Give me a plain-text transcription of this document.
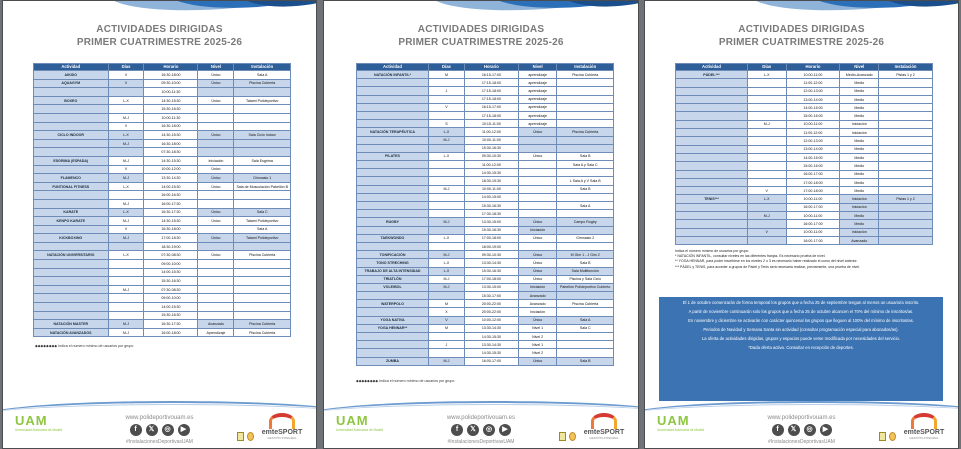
ACTIVIDADES DIRIGIDAS
PRIMER CUATRIMESTRE 2025-26
Actividad	Días	Horario	Nivel	Instalación
AIKIDO	V	16:30-18:00	Único	Sala A
AQUAGYM	V	09:30-10:00	Único	Piscina Cubierta
		10:00-11:30		
BOXEO	L-X	14:30-15:30	Único	Tatami Polideportivo
		15:30-16:30		
	M-J	10:00-11:30		
	V	16:30-18:00		
CICLO INDOOR	L-X	14:30-15:30	Único	Sala Ciclo Indoor
	M-J	16:30-18:00		
		07:30-18:30		
ESGRIMA (ESPADA)	M-J	14:30-15:30	Iniciación	Sala Esgrima
	V	10:00-12:00	Único	
FLAMENCO	M-J	13:30-14:30	Único	Gimnasio 1
FUNTIONAL FITNESS	L-X	14:00-15:30	Único	Sala de Musculación Pabellón B
		16:00-16:30		
	M-J	16:00-17:30		
KARATE	L-X	16:30-17:30	Único	Sala C
KENPO KARATE	M-J	14:30-15:30	Único	Tatami Polideportivo
	V	16:30-18:00		Sala A
KICKBOXING	M-J	17:00-18:30	Único	Tatami Polideportivo
		18:30-19:00		
NATACIÓN UNIVERSITARIO	L-X	07:30-08:30	Único	Piscina Cubierta
		09:00-10:00		
		14:00-15:30		
		15:30-16:30		
	M-J	07:30-08:30		
		09:00-10:00		
		14:00-15:30		
		15:30-16:30		
NATACIÓN MASTER	M-J	16:30-17:30	Avanzado	Piscina Cubierta
NATACIÓN AVANZADOS	M-J	16:00-18:00	Aprendizaje	Piscina Cubierta
◆◆◆◆◆◆◆◆ Indica el número mínimo de usuarios por grupo
UAM
Universidad Autónoma de Madrid
www.polideportivouam.es
f	𝕏	◎	▶
#InstalacionesDeportivasUAM
emteSPORT
GESTIÓN INTEGRAL
ACTIVIDADES DIRIGIDAS
PRIMER CUATRIMESTRE 2025-26
Actividad	Días	Horario	Nivel	Instalación
NATACIÓN INFANTIL*	M	16:15-17:00	aprendizaje	Piscina Cubierta
		17:15-18:00	aprendizaje	
	J	17:15-18:00	aprendizaje	
		17:15-18:00	aprendizaje	
	V	16:15-17:00	aprendizaje	
		17:15-18:00	aprendizaje	
	S	10:15-11:00	aprendizaje	
NATACIÓN TERAPÉUTICA	L-X	11:00-12:00	Único	Piscina Cubierta
	M-J	10:00-11:00		
		15:30-16:30		
PILATES	L-X	09:30-10:30	Único	Sala B
		11:00-12:00		Sala A y Sala C
		14:30-15:30		
		18:30-19:30		L Sala A y V Sala B
	M-J	10:00-11:00		Sala B
		14:00-15:00		
		15:30-16:30		Sala A
		17:30-18:30		
RUGBY	M-J	13:30-15:00	Único	Campo Rugby
		15:30-16:30	Iniciación	
TAEKWONDO	L-X	17:00-18:00	Único	Gimnasio 2
		18:00-19:00		
TONIFICACIÓN	M-J	09:30-10:30	Único	M Gim 1 - J Gim 2
TONO STRECHING	L-X	13:30-14:30	Único	Sala B
TRABAJO DE ALTA INTENSIDAD	L-X	15:30-16:30	Único	Sala Multifunción
TRIATLÓN	M-J	17:00-18:00	Único	Piscina y Sala Ciclo
VOLEIBOL	M-J	13:30-15:00	Iniciación	Pabellón Polideportivo Cubierto
		15:30-17:00	Avanzado	
WATERPOLO	M	20:00-22:00	Avanzado	Piscina Cubierta
	X	20:00-22:00	Iniciación	
YOGA NATIVA	V	10:00-12:00	Único	Sala A
YOGA HENNAR**	M	13:30-14:30	Nivel 1	Sala C
		14:30-15:30	Nivel 2	
	J	13:30-14:30	Nivel 1	
		14:30-15:30	Nivel 2	
ZUMBA	M-J	16:00-17:00	Único	Sala B
◆◆◆◆◆◆◆◆ Indica el número mínimo de usuarios por grupo
UAM
Universidad Autónoma de Madrid
www.polideportivouam.es
f	𝕏	◎	▶
#InstalacionesDeportivasUAM
emteSPORT
GESTIÓN INTEGRAL
ACTIVIDADES DIRIGIDAS
PRIMER CUATRIMESTRE 2025-26
Actividad	Días	Horario	Nivel	Instalación
PÁDEL***	L-X	10:00-11:00	Medio-Avanzado	Pistas 1 y 2
		11:00-12:00	Medio	
		12:00-13:00	Medio	
		13:00-14:00	Medio	
		14:00-15:00	Medio	
		15:00-16:00	Medio	
	M-J	10:00-11:00	Iniciación	
		11:00-12:00	Iniciación	
		12:00-13:00	Medio	
		13:00-14:00	Medio	
		14:00-15:00	Medio	
		15:00-16:00	Medio	
		16:00-17:00	Medio	
		17:00-18:00	Medio	
	V	17:00-18:00	Medio	
TENIS***	L-X	10:00-11:00	Iniciación	Pistas 1 y 2
		16:00-17:00	Iniciación	
	M-J	10:00-11:00	Medio	
		16:00-17:00	Medio	
	V	10:00-11:00	Iniciación	
		16:00-17:00	Avanzado	
Indica el número mínimo de usuarios por grupo
* NATACIÓN INFANTIL, consultar niveles en las diferentes franjas. Es necesario prueba de nivel.
** YOGA HENNAR, para poder inscribirse en los niveles 2 o 3 es necesario haber realizado el curso del nivel anterior.
*** PÁDEL y TENIS, para acceder a grupos de Pádel y Tenis será necesaria realizar, previamente, una prueba de nivel.

El 1 de octubre comenzarán de forma temporal los grupos que a fecha 25 de septiembre tengan al menos un usuario/a inscrito.

A partir de noviembre continuarán solo los grupos que a fecha 25 de octubre alcancen el 70% del mínimo de inscritos/as.

En noviembre y diciembre se activarán con carácter quincenal los grupos que lleguen al 100% del mínimo de inscritos/as.

Periodos de Navidad y Semana Santa sin actividad (consultar programación especial para abonados/as).

La oferta de actividades dirigidas, grupos y espacios puede verse modificada por necesidades del servicio.

*Dada oferta activa. Consultar en recepción de deportes.

UAM
Universidad Autónoma de Madrid
www.polideportivouam.es
f	𝕏	◎	▶
#InstalacionesDeportivasUAM
emteSPORT
GESTIÓN INTEGRAL
